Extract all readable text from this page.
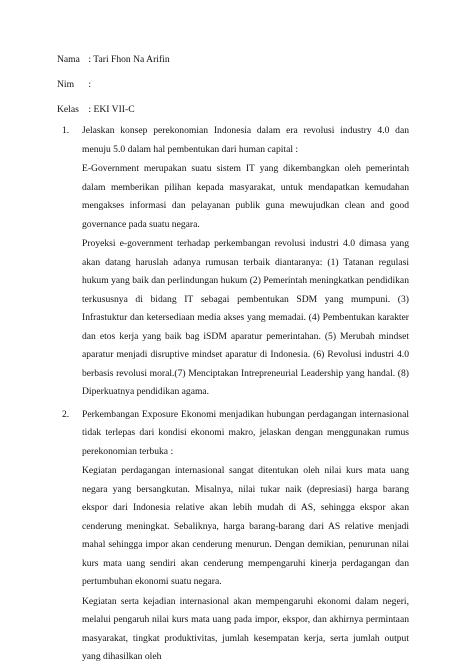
Nama : Tari Fhon Na Arifin
Nim :
Kelas : EKI VII-C
1. Jelaskan konsep perekonomian Indonesia dalam era revolusi industry 4.0 dan menuju 5.0 dalam hal pembentukan dari human capital :

E-Government merupakan suatu sistem IT yang dikembangkan oleh pemerintah dalam memberikan pilihan kepada masyarakat, untuk mendapatkan kemudahan mengakses informasi dan pelayanan publik guna mewujudkan clean and good governance pada suatu negara.

Proyeksi e-government terhadap perkembangan revolusi industri 4.0 dimasa yang akan datang haruslah adanya rumusan terbaik diantaranya: (1) Tatanan regulasi hukum yang baik dan perlindungan hukum (2) Pemerintah meningkatkan pendidikan terkususnya di bidang IT sebagai pembentukan SDM yang mumpuni. (3) Infrastuktur dan ketersediaan media akses yang memadai. (4) Pembentukan karakter dan etos kerja yang baik bag iSDM aparatur pemerintahan. (5) Merubah mindset aparatur menjadi disruptive mindset aparatur di Indonesia. (6) Revolusi industri 4.0 berbasis revolusi moral.(7) Menciptakan Intrepreneurial Leadership yang handal. (8) Diperkuatnya pendidikan agama.

2. Perkembangan Exposure Ekonomi menjadikan hubungan perdagangan internasional tidak terlepas dari kondisi ekonomi makro, jelaskan dengan menggunakan rumus perekonomian terbuka :

Kegiatan perdagangan internasional sangat ditentukan oleh nilai kurs mata uang negara yang bersangkutan. Misalnya, nilai tukar naik (depresiasi) harga barang ekspor dari Indonesia relative akan lebih mudah di AS, sehingga ekspor akan cenderung meningkat. Sebaliknya, harga barang-barang dari AS relative menjadi mahal sehingga impor akan cenderung menurun. Dengan demikian, penurunan nilai kurs mata uang sendiri akan cenderung mempengaruhi kinerja perdagangan dan pertumbuhan ekonomi suatu negara.

Kegiatan serta kejadian internasional akan mempengaruhi ekonomi dalam negeri, melalui pengaruh nilai kurs mata uang pada impor, ekspor, dan akhirnya permintaan masyarakat, tingkat produktivitas, jumlah kesempatan kerja, serta jumlah output yang dihasilkan oleh
